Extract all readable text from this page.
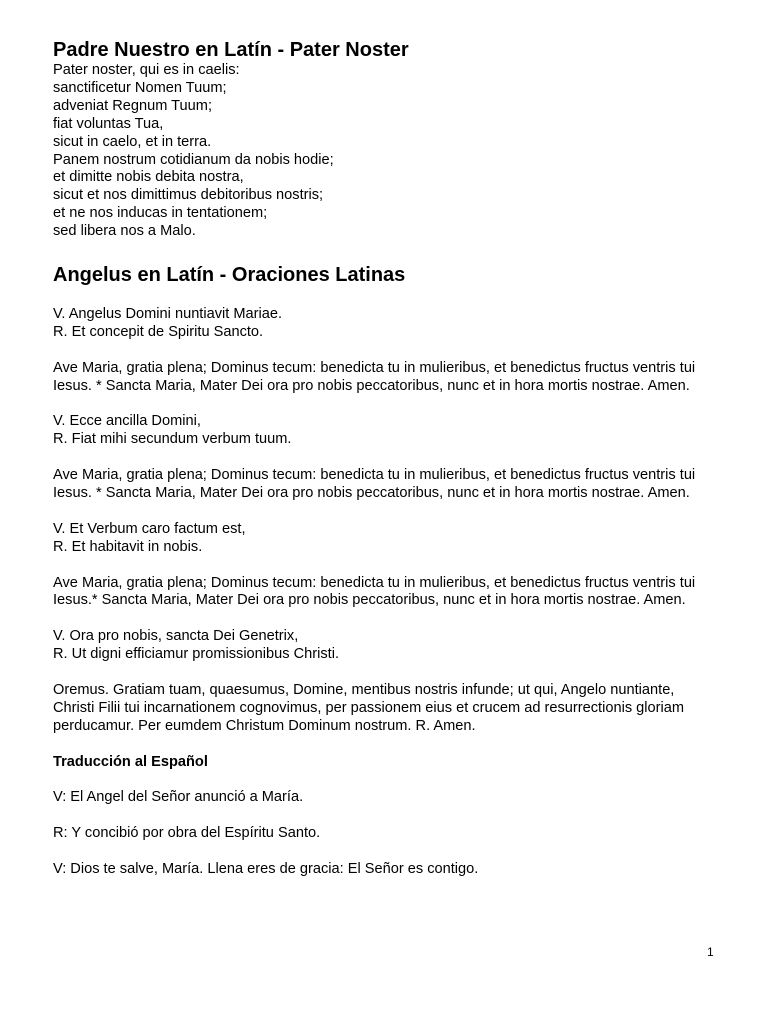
Padre Nuestro en Latín - Pater Noster
Pater noster, qui es in caelis:
sanctificetur Nomen Tuum;
adveniat Regnum Tuum;
fiat voluntas Tua,
sicut in caelo, et in terra.
Panem nostrum cotidianum da nobis hodie;
et dimitte nobis debita nostra,
sicut et nos dimittimus debitoribus nostris;
et ne nos inducas in tentationem;
sed libera nos a Malo.
Angelus en Latín - Oraciones Latinas
V. Angelus Domini nuntiavit Mariae.
R. Et concepit de Spiritu Sancto.

Ave Maria, gratia plena; Dominus tecum: benedicta tu in mulieribus, et benedictus fructus ventris tui Iesus. * Sancta Maria, Mater Dei ora pro nobis peccatoribus, nunc et in hora mortis nostrae. Amen.

V. Ecce ancilla Domini,
R. Fiat mihi secundum verbum tuum.

Ave Maria, gratia plena; Dominus tecum: benedicta tu in mulieribus, et benedictus fructus ventris tui Iesus. * Sancta Maria, Mater Dei ora pro nobis peccatoribus, nunc et in hora mortis nostrae. Amen.

V. Et Verbum caro factum est,
R. Et habitavit in nobis.

Ave Maria, gratia plena; Dominus tecum: benedicta tu in mulieribus, et benedictus fructus ventris tui Iesus.* Sancta Maria, Mater Dei ora pro nobis peccatoribus, nunc et in hora mortis nostrae. Amen.

V. Ora pro nobis, sancta Dei Genetrix,
R. Ut digni efficiamur promissionibus Christi.

Oremus. Gratiam tuam, quaesumus, Domine, mentibus nostris infunde; ut qui, Angelo nuntiante, Christi Filii tui incarnationem cognovimus, per passionem eius et crucem ad resurrectionis gloriam perducamur. Per eumdem Christum Dominum nostrum. R. Amen.

Traducción al Español

V: El Angel del Señor anunció a María.

R: Y concibió por obra del Espíritu Santo.

V: Dios te salve, María. Llena eres de gracia: El Señor es contigo.

1
